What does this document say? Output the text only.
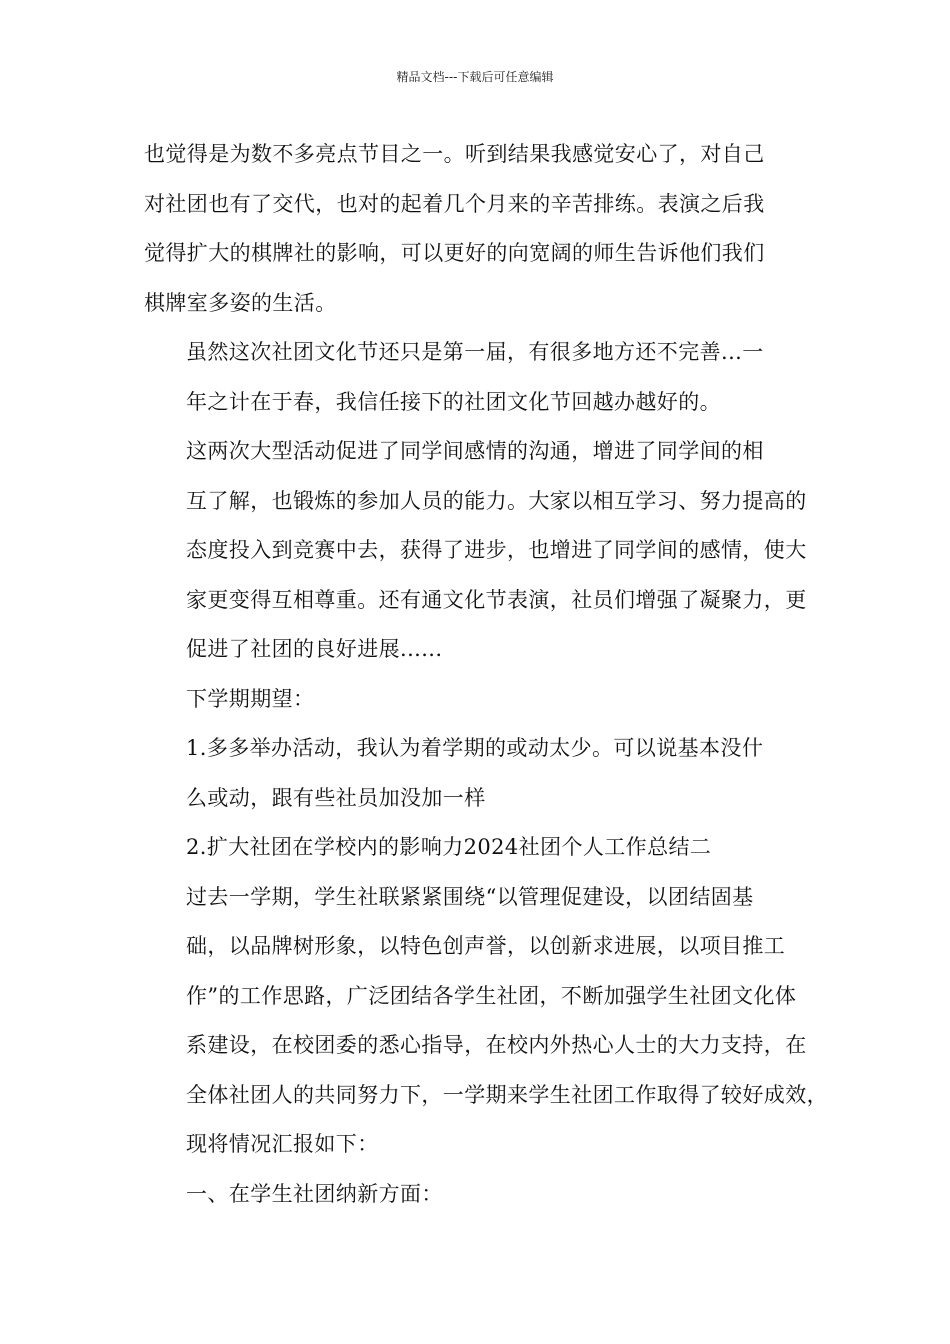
精品文档---下载后可任意编辑

也觉得是为数不多亮点节目之一。听到结果我感觉安心了，对自己
对社团也有了交代，也对的起着几个月来的辛苦排练。表演之后我
觉得扩大的棋牌社的影响，可以更好的向宽阔的师生告诉他们我们
棋牌室多姿的生活。

虽然这次社团文化节还只是第一届，有很多地方还不完善...一
年之计在于春，我信任接下的社团文化节回越办越好的。

这两次大型活动促进了同学间感情的沟通，增进了同学间的相
互了解，也锻炼的参加人员的能力。大家以相互学习、努力提高的
态度投入到竞赛中去，获得了进步，也增进了同学间的感情，使大
家更变得互相尊重。还有通文化节表演，社员们增强了凝聚力，更
促进了社团的良好进展......

下学期期望：

1.多多举办活动，我认为着学期的或动太少。可以说基本没什
么或动，跟有些社员加没加一样

2.扩大社团在学校内的影响力2024社团个人工作总结二

过去一学期，学生社联紧紧围绕“以管理促建设，以团结固基
础，以品牌树形象，以特色创声誉，以创新求进展，以项目推工
作”的工作思路，广泛团结各学生社团，不断加强学生社团文化体
系建设，在校团委的悉心指导，在校内外热心人士的大力支持，在
全体社团人的共同努力下，一学期来学生社团工作取得了较好成效，
现将情况汇报如下：

一、在学生社团纳新方面：
